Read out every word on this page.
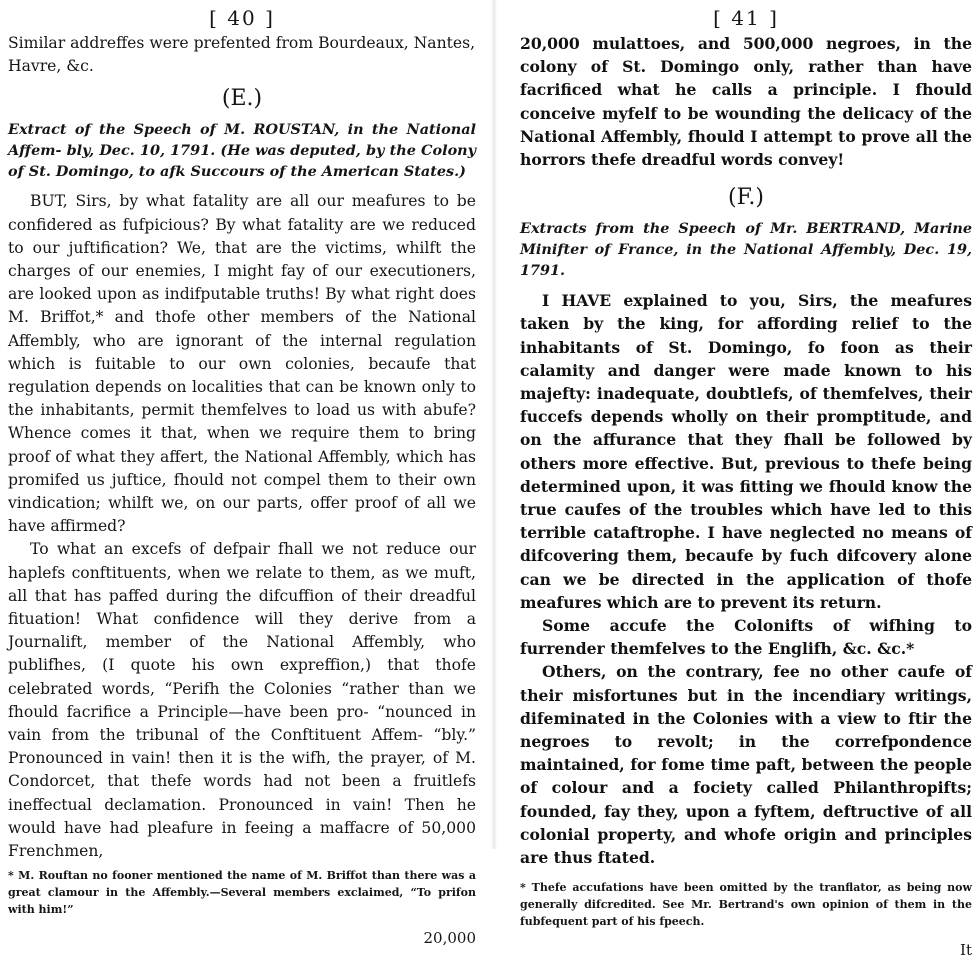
[ 40 ]

Similar addreffes were prefented from Bourdeaux, Nantes,

Havre, &c.

(E.)

Extract of the Speech of M. ROUSTAN, in the National Affem- bly, Dec. 10, 1791. (He was deputed, by the Colony of St. Domingo, to afk Succours of the American States.)

BUT, Sirs, by what fatality are all our meafures to be confidered as fufpicious? By what fatality are we reduced to our juftification? We, that are the victims, whilft the charges of our enemies, I might fay of our executioners, are looked upon as indifputable truths! By what right does M. Briffot,* and thofe other members of the National Affembly, who are ignorant of the internal regulation which is fuitable to our own colonies, becaufe that regulation depends on localities that can be known only to the inhabitants, permit themfelves to load us with abufe? Whence comes it that, when we require them to bring proof of what they affert, the National Affembly, which has promifed us juftice, fhould not compel them to their own vindication; whilft we, on our parts, offer proof of all we have affirmed?

To what an excefs of defpair fhall we not reduce our haplefs conftituents, when we relate to them, as we muft, all that has paffed during the difcuffion of their dreadful fituation! What confidence will they derive from a Journalift, member of the National Affembly, who publifhes, (I quote his own expreffion,) that thofe celebrated words, “Perifh the Colonies “rather than we fhould facrifice a Principle—have been pro- “nounced in vain from the tribunal of the Conftituent Affem- “bly.” Pronounced in vain! then it is the wifh, the prayer, of M. Condorcet, that thefe words had not been a fruitlefs ineffectual declamation. Pronounced in vain! Then he would have had pleafure in feeing a maffacre of 50,000 Frenchmen,

* M. Rouftan no fooner mentioned the name of M. Briffot than there was a great clamour in the Affembly.—Several members exclaimed, “To prifon with him!”

20,000
[ 41 ]

20,000 mulattoes, and 500,000 negroes, in the colony of St. Domingo only, rather than have facrificed what he calls a principle. I fhould conceive myfelf to be wounding the delicacy of the National Affembly, fhould I attempt to prove all the horrors thefe dreadful words convey!

(F.)

Extracts from the Speech of Mr. BERTRAND, Marine Minifter of France, in the National Affembly, Dec. 19, 1791.

I HAVE explained to you, Sirs, the meafures taken by the king, for affording relief to the inhabitants of St. Domingo, fo foon as their calamity and danger were made known to his majefty: inadequate, doubtlefs, of themfelves, their fuccefs depends wholly on their promptitude, and on the affurance that they fhall be followed by others more effective. But, previous to thefe being determined upon, it was fitting we fhould know the true caufes of the troubles which have led to this terrible cataftrophe. I have neglected no means of difcovering them, becaufe by fuch difcovery alone can we be directed in the application of thofe meafures which are to prevent its return.

Some accufe the Colonifts of wifhing to furrender themfelves to the Englifh, &c. &c.*

Others, on the contrary, fee no other caufe of their misfortunes but in the incendiary writings, difeminated in the Colonies with a view to ftir the negroes to revolt; in the correfpondence maintained, for fome time paft, between the people of colour and a fociety called Philanthropifts; founded, fay they, upon a fyftem, deftructive of all colonial property, and whofe origin and principles are thus ftated.

* Thefe accufations have been omitted by the tranflator, as being now generally difcredited. See Mr. Bertrand's own opinion of them in the fubfequent part of his fpeech.

It
